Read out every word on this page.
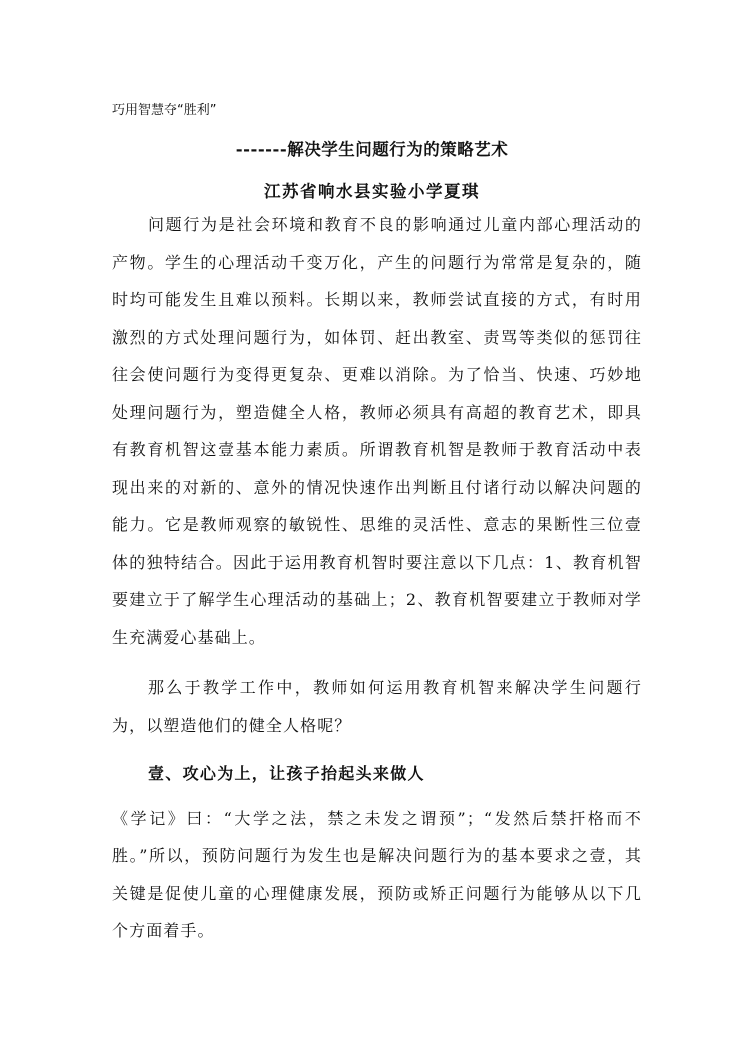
巧用智慧夺“胜利”
-------解决学生问题行为的策略艺术
江苏省响水县实验小学夏琪

问题行为是社会环境和教育不良的影响通过儿童内部心理活动的产物。学生的心理活动千变万化，产生的问题行为常常是复杂的，随时均可能发生且难以预料。长期以来，教师尝试直接的方式，有时用激烈的方式处理问题行为，如体罚、赶出教室、责骂等类似的惩罚往往会使问题行为变得更复杂、更难以消除。为了恰当、快速、巧妙地处理问题行为，塑造健全人格，教师必须具有高超的教育艺术，即具有教育机智这壹基本能力素质。所谓教育机智是教师于教育活动中表现出来的对新的、意外的情况快速作出判断且付诸行动以解决问题的能力。它是教师观察的敏锐性、思维的灵活性、意志的果断性三位壹体的独特结合。因此于运用教育机智时要注意以下几点：1、教育机智要建立于了解学生心理活动的基础上；2、教育机智要建立于教师对学生充满爱心基础上。

那么于教学工作中，教师如何运用教育机智来解决学生问题行为，以塑造他们的健全人格呢？

壹、攻心为上，让孩子抬起头来做人

《学记》曰：“大学之法，禁之未发之谓预”；“发然后禁扞格而不胜。”所以，预防问题行为发生也是解决问题行为的基本要求之壹，其关键是促使儿童的心理健康发展，预防或矫正问题行为能够从以下几个方面着手。
